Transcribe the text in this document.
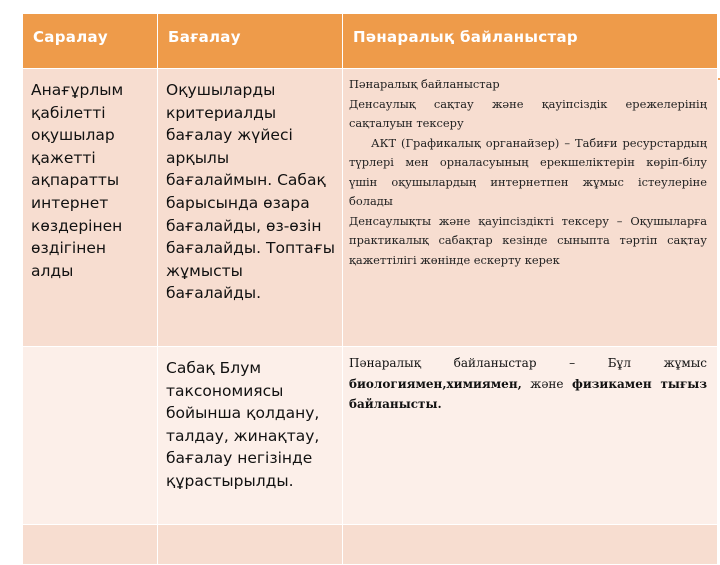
Саралау	Бағалау	Пәнаралық байланыстар

Анағұрлым қабілетті оқушылар қажетті ақпаратты интернет көздерінен өздігінен алды	Оқушыларды критериалды бағалау жүйесі арқылы бағалаймын. Сабақ барысында өзара бағалайды, өз-өзін бағалайды. Топтағы жұмысты бағалайды.	Пәнаралық байланыстар

Денсаулық сақтау және қауіпсіздік ережелерінің сақталуын тексеру

АКТ (Графикалық органайзер) – Табиғи ресурстардың түрлері мен орналасуының ерекшеліктерін көріп-білу үшін оқушылардың интернетпен жұмыс істеулеріне болады

Денсаулықты және қауіпсіздікті тексеру – Оқушыларға практикалық сабақтар кезінде сыныпта тәртіп сақтау қажеттілігі жөнінде ескерту керек

	Сабақ Блум таксономиясы бойынша қолдану, талдау, жинақтау, бағалау негізінде құрастырылды.	Пәнаралық байланыстар – Бұл жұмыс биологиямен,химиямен, және физикамен тығыз байланысты.
